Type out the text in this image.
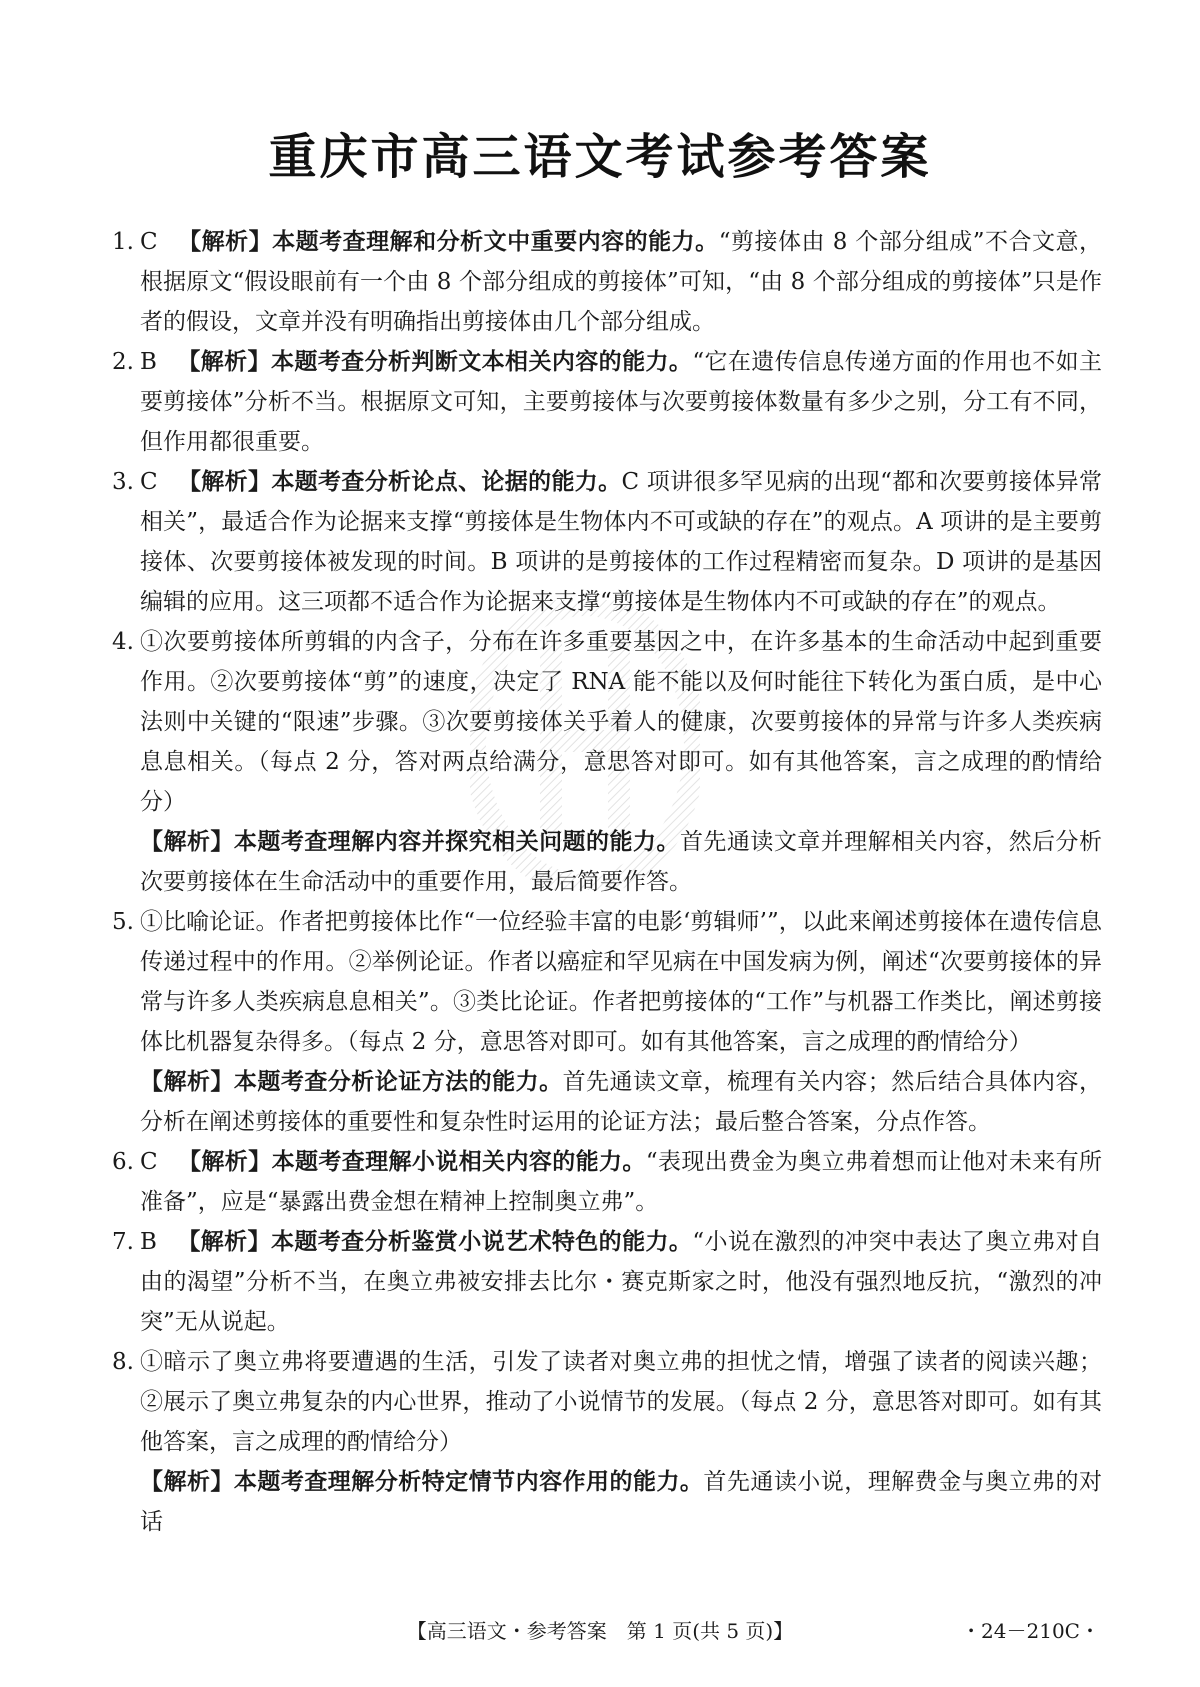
重庆市高三语文考试参考答案
1. C 【解析】本题考查理解和分析文中重要内容的能力。“剪接体由 8 个部分组成”不合文意，根据原文“假设眼前有一个由 8 个部分组成的剪接体”可知，“由 8 个部分组成的剪接体”只是作者的假设，文章并没有明确指出剪接体由几个部分组成。
2. B 【解析】本题考查分析判断文本相关内容的能力。“它在遗传信息传递方面的作用也不如主要剪接体”分析不当。根据原文可知，主要剪接体与次要剪接体数量有多少之别，分工有不同，但作用都很重要。
3. C 【解析】本题考查分析论点、论据的能力。C 项讲很多罕见病的出现“都和次要剪接体异常相关”，最适合作为论据来支撑“剪接体是生物体内不可或缺的存在”的观点。A 项讲的是主要剪接体、次要剪接体被发现的时间。B 项讲的是剪接体的工作过程精密而复杂。D 项讲的是基因编辑的应用。这三项都不适合作为论据来支撑“剪接体是生物体内不可或缺的存在”的观点。
4. ①次要剪接体所剪辑的内含子，分布在许多重要基因之中，在许多基本的生命活动中起到重要作用。②次要剪接体“剪”的速度，决定了 RNA 能不能以及何时能往下转化为蛋白质，是中心法则中关键的“限速”步骤。③次要剪接体关乎着人的健康，次要剪接体的异常与许多人类疾病息息相关。（每点 2 分，答对两点给满分，意思答对即可。如有其他答案，言之成理的酌情给分）
【解析】本题考查理解内容并探究相关问题的能力。首先通读文章并理解相关内容，然后分析次要剪接体在生命活动中的重要作用，最后简要作答。
5. ①比喻论证。作者把剪接体比作“一位经验丰富的电影‘剪辑师’”，以此来阐述剪接体在遗传信息传递过程中的作用。②举例论证。作者以癌症和罕见病在中国发病为例，阐述“次要剪接体的异常与许多人类疾病息息相关”。③类比论证。作者把剪接体的“工作”与机器工作类比，阐述剪接体比机器复杂得多。（每点 2 分，意思答对即可。如有其他答案，言之成理的酌情给分）
【解析】本题考查分析论证方法的能力。首先通读文章，梳理有关内容；然后结合具体内容，分析在阐述剪接体的重要性和复杂性时运用的论证方法；最后整合答案，分点作答。
6. C 【解析】本题考查理解小说相关内容的能力。“表现出费金为奥立弗着想而让他对未来有所准备”，应是“暴露出费金想在精神上控制奥立弗”。
7. B 【解析】本题考查分析鉴赏小说艺术特色的能力。“小说在激烈的冲突中表达了奥立弗对自由的渴望”分析不当，在奥立弗被安排去比尔・赛克斯家之时，他没有强烈地反抗，“激烈的冲突”无从说起。
8. ①暗示了奥立弗将要遭遇的生活，引发了读者对奥立弗的担忧之情，增强了读者的阅读兴趣；②展示了奥立弗复杂的内心世界，推动了小说情节的发展。（每点 2 分，意思答对即可。如有其他答案，言之成理的酌情给分）
【解析】本题考查理解分析特定情节内容作用的能力。首先通读小说，理解费金与奥立弗的对话
【高三语文・参考答案　第 1 页(共 5 页)】	・24－210C・
